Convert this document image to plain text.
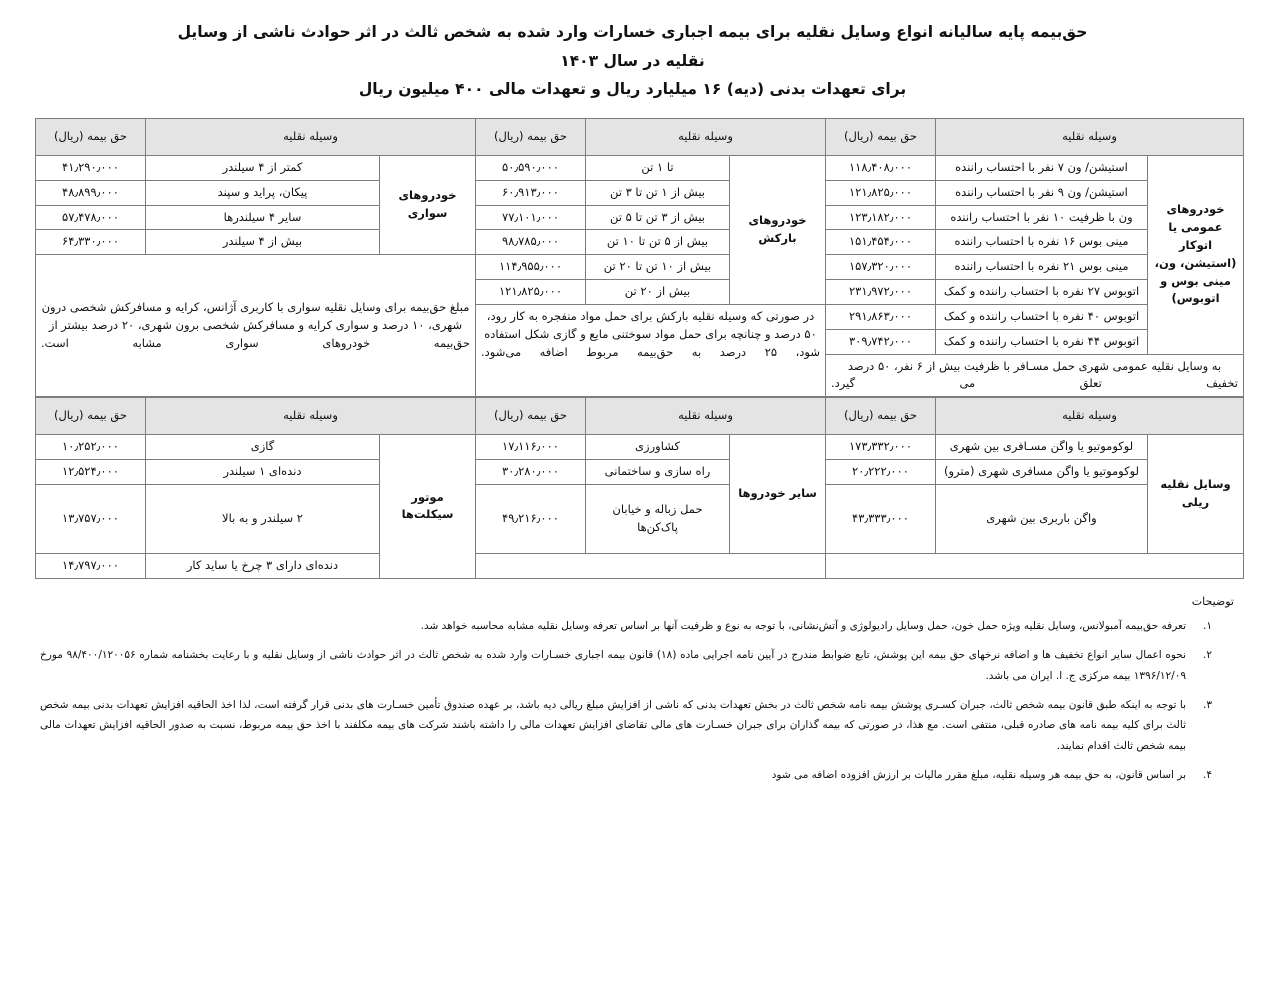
حق‌بیمه پایه سالیانه انواع وسایل نقلیه برای بیمه اجباری خسارات وارد شده به شخص ثالث در اثر حوادث ناشی از وسایل نقلیه در سال ۱۴۰۳
برای تعهدات بدنی (دیه) ۱۶ میلیارد ریال و تعهدات مالی ۴۰۰ میلیون ریال
وسیله نقلیه		حق بیمه (ریال)	وسیله نقلیه		حق بیمه (ریال)	وسیله نقلیه		حق بیمه (ریال)
خودروهای عمومی یا اتوکار (استیشن، ون، مینی بوس و اتوبوس)	استیشن/ ون ۷ نفر با احتساب راننده	۱۱۸٫۴۰۸٫۰۰۰	خودروهای بارکش	تا ۱ تن	۵۰٫۵۹۰٫۰۰۰	خودروهای سواری	کمتر از ۴ سیلندر	۴۱٫۲۹۰٫۰۰۰
	استیشن/ ون ۹ نفر با احتساب راننده	۱۲۱٫۸۲۵٫۰۰۰		بیش از ۱ تن تا ۳ تن	۶۰٫۹۱۳٫۰۰۰		پیکان، پراید و سپند	۴۸٫۸۹۹٫۰۰۰
	ون با ظرفیت ۱۰ نفر با احتساب راننده	۱۲۳٫۱۸۲٫۰۰۰		بیش از ۳ تن تا ۵ تن	۷۷٫۱۰۱٫۰۰۰		سایر ۴ سیلندرها	۵۷٫۴۷۸٫۰۰۰
	مینی بوس ۱۶ نفره با احتساب راننده	۱۵۱٫۴۵۴٫۰۰۰		بیش از ۵ تن تا ۱۰ تن	۹۸٫۷۸۵٫۰۰۰		بیش از ۴ سیلندر	۶۴٫۳۳۰٫۰۰۰
	مینی بوس ۲۱ نفره با احتساب راننده	۱۵۷٫۳۲۰٫۰۰۰		بیش از ۱۰ تن تا ۲۰ تن	۱۱۴٫۹۵۵٫۰۰۰	مبلغ حق‌بیمه برای وسایل نقلیه سواری با کاربری آژانس، کرایه و مسافرکش شخصی درون شهری، ۱۰ درصد و سواری کرایه و مسافرکش شخصی برون شهری، ۲۰ درصد بیشتر از حق‌بیمه خودروهای سواری مشابه است.		
	اتوبوس ۲۷ نفره با احتساب راننده و کمک	۲۳۱٫۹۷۲٫۰۰۰		بیش از ۲۰ تن	۱۲۱٫۸۲۵٫۰۰۰			
	اتوبوس ۴۰ نفره با احتساب راننده و کمک	۲۹۱٫۸۶۳٫۰۰۰	در صورتی که وسیله نقلیه بارکش برای حمل مواد منفجره به کار رود، ۵۰ درصد و چنانچه برای حمل مواد سوختنی مایع و گازی شکل استفاده شود، ۲۵ درصد به حق‌بیمه مربوط اضافه می‌شود.					
	اتوبوس ۴۴ نفره با احتساب راننده و کمک	۳۰۹٫۷۴۲٫۰۰۰						
به وسایل نقلیه عمومی شهری حمل مسـافر با ظرفیت بیش از ۶ نفر، ۵۰ درصد تخفیف تعلق می گیرد.								
وسیله نقلیه		حق بیمه (ریال)	وسیله نقلیه		حق بیمه (ریال)	وسیله نقلیه		حق بیمه (ریال)
وسایل نقلیه ریلی	لوکوموتیو یا واگن مسـافری بین شهری	۱۷۳٫۳۳۲٫۰۰۰	سایر خودروها	کشاورزی	۱۷٫۱۱۶٫۰۰۰	موتور سیکلت‌ها	گازی	۱۰٫۲۵۲٫۰۰۰
	لوکوموتیو یا واگن مسافری شهری (مترو)	۲۰٫۲۲۲٫۰۰۰		راه سازی و ساختمانی	۳۰٫۲۸۰٫۰۰۰		دنده‌ای ۱ سیلندر	۱۲٫۵۲۴٫۰۰۰
	واگن باربری بین شهری	۴۳٫۳۳۳٫۰۰۰		حمل زباله و خیابان پاک‌کن‌ها	۴۹٫۲۱۶٫۰۰۰		۲ سیلندر و به بالا	۱۳٫۷۵۷٫۰۰۰
							دنده‌ای دارای ۳ چرخ یا ساید کار	۱۴٫۷۹۷٫۰۰۰
توضیحات
۱. تعرفه حق‌بیمه آمبولانس، وسایل نقلیه ویژه حمل خون، حمل وسایل رادیولوژی و آتش‌نشانی، با توجه به نوع و ظرفیت آنها بر اساس تعرفه وسایل نقلیه مشابه محاسبه خواهد شد.
۲. نحوه اعمال سایر انواع تخفیف ها و اضافه نرخهای حق بیمه این پوشش، تابع ضوابط مندرج در آیین نامه اجرایی ماده (۱۸) قانون بیمه اجباری خسـارات وارد شده به شخص ثالث در اثر حوادث ناشی از وسایل نقلیه و با رعایت بخشنامه شماره ۹۸/۴۰۰/۱۲۰۰۵۶ مورخ ۱۳۹۶/۱۲/۰۹ بیمه مرکزی ج. ا. ایران می باشد.
۳. با توجه به اینکه طبق قانون بیمه شخص ثالث، جبران کسـری پوشش بیمه نامه شخص ثالث در بخش تعهدات بدنی که ناشی از افزایش مبلغ ریالی دیه باشد، بر عهده صندوق تأمین خسـارت های بدنی قرار گرفته است، لذا اخذ الحاقیه افزایش تعهدات بدنی بیمه شخص ثالث برای کلیه بیمه نامه های صادره قبلی، منتفی است. مع هذا، در صورتی که بیمه گذاران برای جبران خسـارت های مالی تقاضای افزایش تعهدات مالی را داشته باشند شرکت های بیمه مکلفند با اخذ حق بیمه مربوط، نسبت به صدور الحاقیه افزایش تعهدات مالی بیمه شخص ثالث اقدام نمایند.
۴. بر اساس قانون، به حق بیمه هر وسیله نقلیه، مبلغ مقرر مالیات بر ارزش افزوده اضافه می شود
